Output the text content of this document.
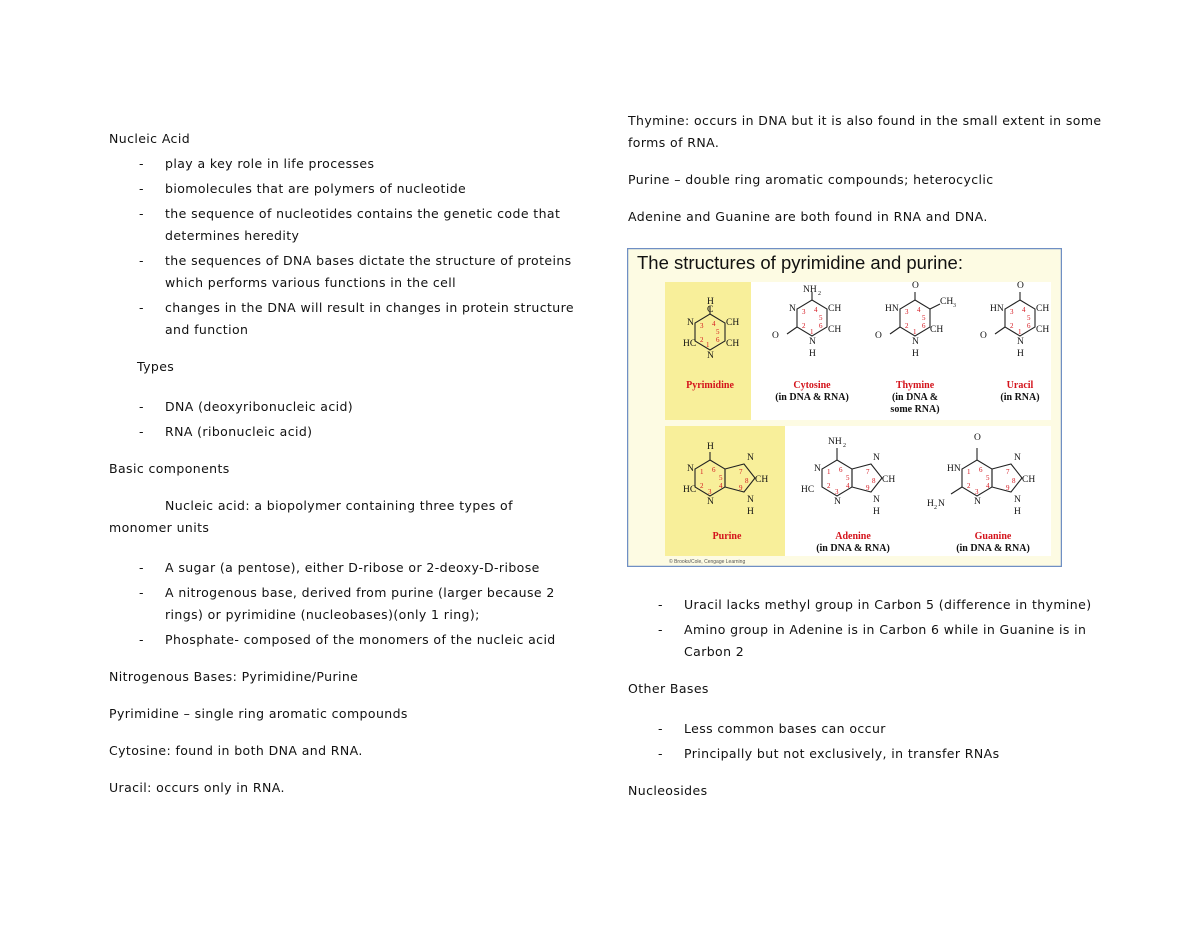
Nucleic Acid

- play a key role in life processes
- biomolecules that are polymers of nucleotide
- the sequence of nucleotides contains the genetic code that determines heredity
- the sequences of DNA bases dictate the structure of proteins which performs various functions in the cell
- changes in the DNA will result in changes in protein structure and function

Types

- DNA (deoxyribonucleic acid)
- RNA (ribonucleic acid)

Basic components

Nucleic acid: a biopolymer containing three types of monomer units

- A sugar (a pentose), either D-ribose or 2-deoxy-D-ribose
- A nitrogenous base, derived from purine (larger because 2 rings) or pyrimidine (nucleobases)(only 1 ring);
- Phosphate- composed of the monomers of the nucleic acid

Nitrogenous Bases: Pyrimidine/Purine

Pyrimidine – single ring aromatic compounds

Cytosine: found in both DNA and RNA.

Uracil: occurs only in RNA.

Thymine: occurs in DNA but it is also found in the small extent in some forms of RNA.

Purine – double ring aromatic compounds; heterocyclic

Adenine and Guanine are both found in RNA and DNA.

The structures of pyrimidine and purine:
H
C
N	CH
HC	CH
N
NH 2
N	CH
O
CH
N
H
O
CH 3
HN
O
CH
N
H
O
HN	CH
O
CH
N
H
H
N
N
CH
HC
N
H
N
NH 2
N
N
CH
HC
N
H
N
O
HN
N
CH
H 2 N	N
H
N
3 4
5
2
1
6
3 4
5
2
1
6
3 4
5
2
1
6
3 4
5
2
1
6
1 6
5
2
3
4
7
8
9
1 6
5
2
3
4
7
8
9
1 6
5
2
3
4
7
8
9
Pyrimidine	Cytosine
(in DNA & RNA)
Thymine
(in DNA &
some RNA)
Uracil
(in RNA)
Purine	Adenine
(in DNA & RNA)
Guanine
(in DNA & RNA)
© Brooks/Cole, Cengage Learning
- Uracil lacks methyl group in Carbon 5 (difference in thymine)
- Amino group in Adenine is in Carbon 6 while in Guanine is in Carbon 2

Other Bases

- Less common bases can occur
- Principally but not exclusively, in transfer RNAs

Nucleosides
